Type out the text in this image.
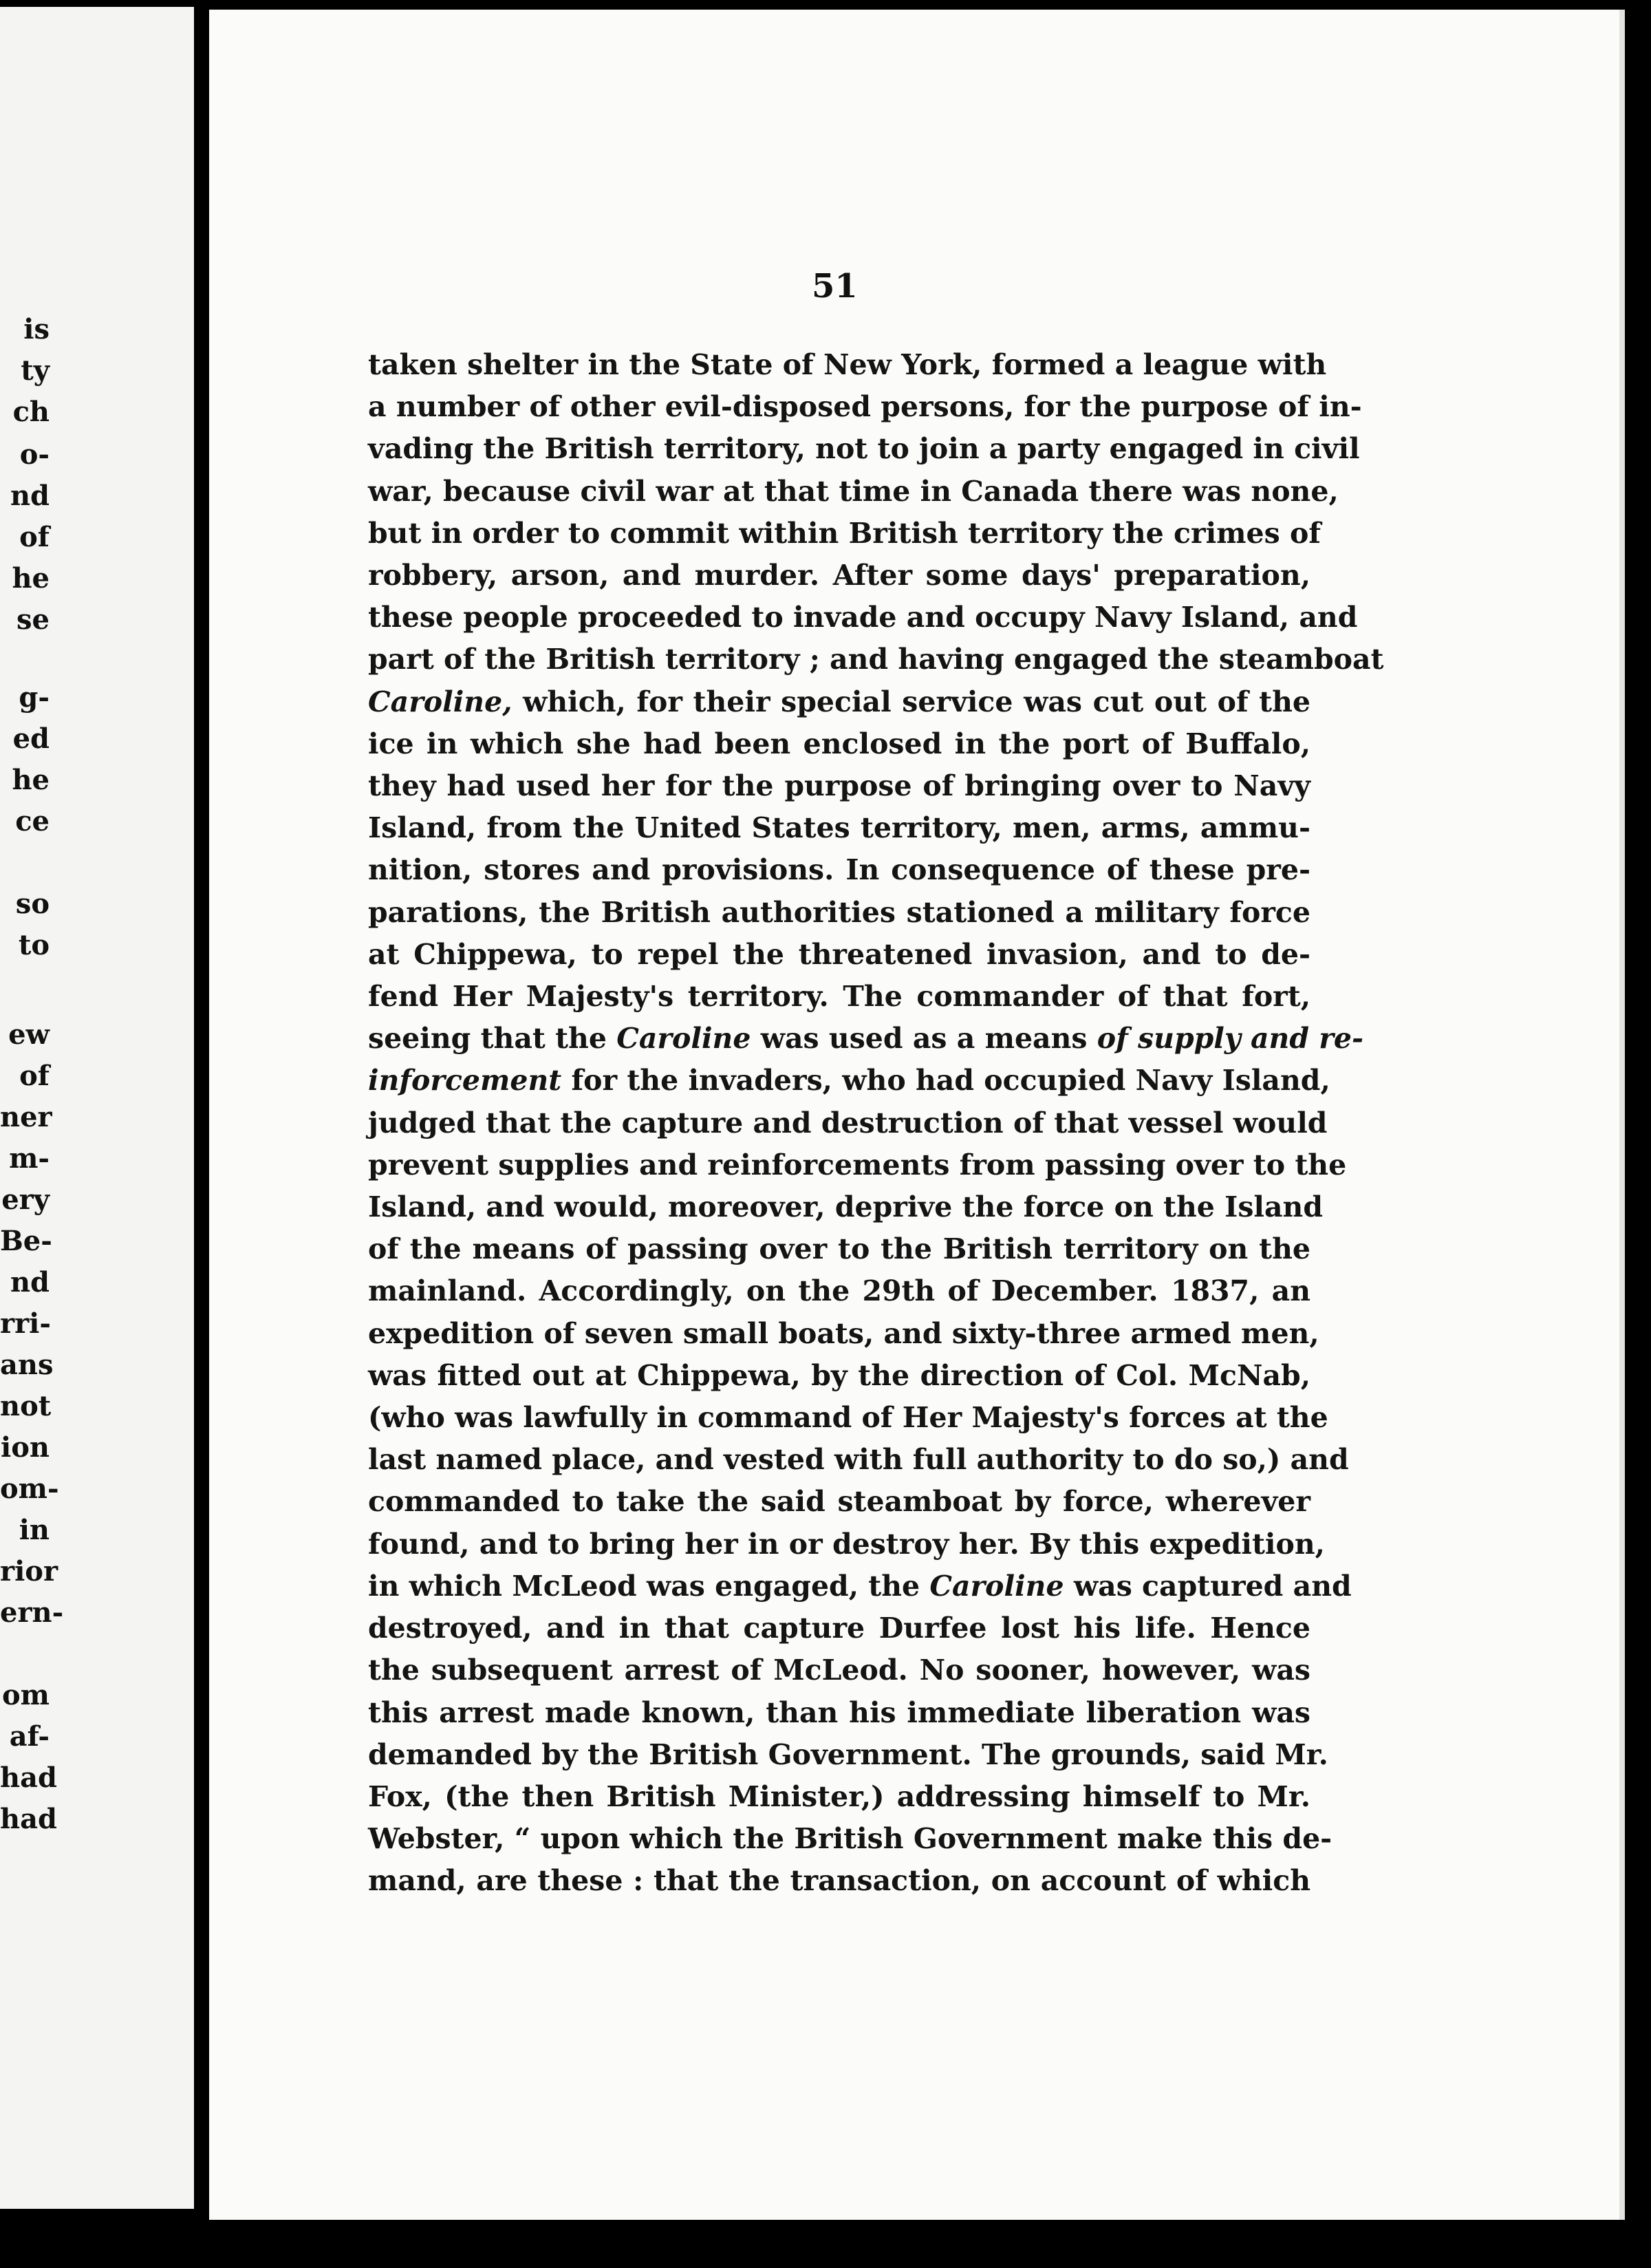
is
ty
ch
o-
nd
of
he
se
g-
ed
he
ce
so
to
ew
of
ner
m-
ery
Be-
nd
rri-
ans
not
ion
om-
in
rior
ern-
om
af-
had
had
51
taken shelter in the State of New York, formed a league with
a number of other evil-disposed persons, for the purpose of in-
vading the British territory, not to join a party engaged in civil
war, because civil war at that time in Canada there was none,
but in order to commit within British territory the crimes of
robbery, arson, and murder. After some days' preparation,
these people proceeded to invade and occupy Navy Island, and
part of the British territory ; and having engaged the steamboat
Caroline, which, for their special service was cut out of the
ice in which she had been enclosed in the port of Buffalo,
they had used her for the purpose of bringing over to Navy
Island, from the United States territory, men, arms, ammu-
nition, stores and provisions. In consequence of these pre-
parations, the British authorities stationed a military force
at Chippewa, to repel the threatened invasion, and to de-
fend Her Majesty's territory. The commander of that fort,
seeing that the Caroline was used as a means of supply and re-
inforcement for the invaders, who had occupied Navy Island,
judged that the capture and destruction of that vessel would
prevent supplies and reinforcements from passing over to the
Island, and would, moreover, deprive the force on the Island
of the means of passing over to the British territory on the
mainland. Accordingly, on the 29th of December. 1837, an
expedition of seven small boats, and sixty-three armed men,
was fitted out at Chippewa, by the direction of Col. McNab,
(who was lawfully in command of Her Majesty's forces at the
last named place, and vested with full authority to do so,) and
commanded to take the said steamboat by force, wherever
found, and to bring her in or destroy her. By this expedition,
in which McLeod was engaged, the Caroline was captured and
destroyed, and in that capture Durfee lost his life. Hence
the subsequent arrest of McLeod. No sooner, however, was
this arrest made known, than his immediate liberation was
demanded by the British Government. The grounds, said Mr.
Fox, (the then British Minister,) addressing himself to Mr.
Webster, “ upon which the British Government make this de-
mand, are these : that the transaction, on account of which
